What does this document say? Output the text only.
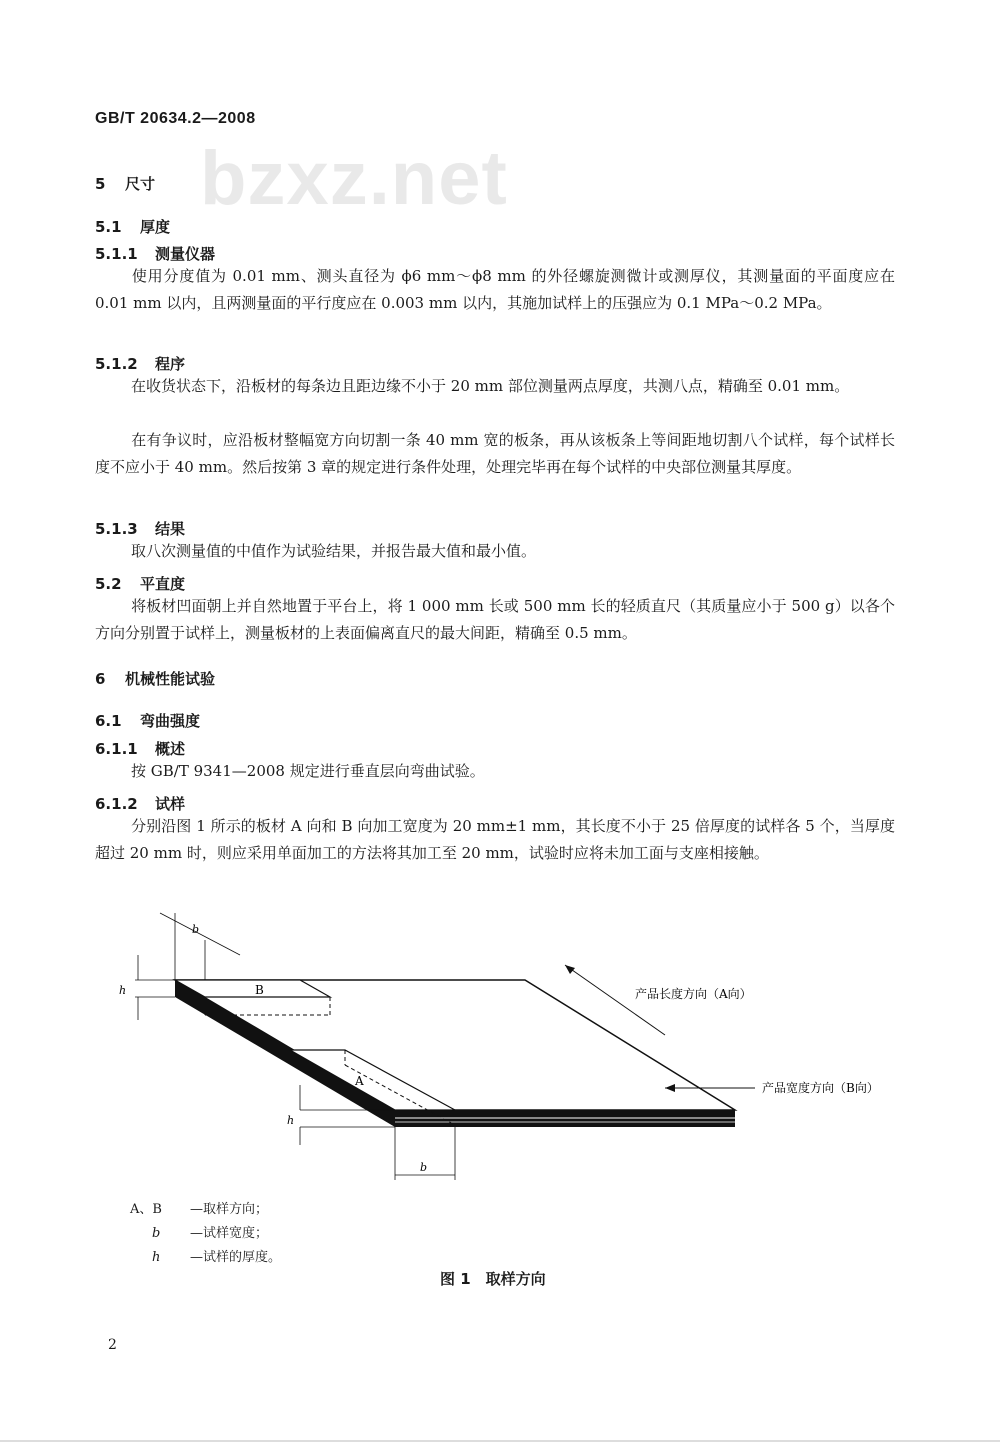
GB/T 20634.2—2008
bzxz.net
5 尺寸
5.1 厚度
5.1.1 测量仪器
使用分度值为 0.01 mm、测头直径为 ϕ6 mm～ϕ8 mm 的外径螺旋测微计或测厚仪，其测量面的平面度应在 0.01 mm 以内，且两测量面的平行度应在 0.003 mm 以内，其施加试样上的压强应为 0.1 MPa～0.2 MPa。
5.1.2 程序
在收货状态下，沿板材的每条边且距边缘不小于 20 mm 部位测量两点厚度，共测八点，精确至 0.01 mm。
在有争议时，应沿板材整幅宽方向切割一条 40 mm 宽的板条，再从该板条上等间距地切割八个试样，每个试样长度不应小于 40 mm。然后按第 3 章的规定进行条件处理，处理完毕再在每个试样的中央部位测量其厚度。
5.1.3 结果
取八次测量值的中值作为试验结果，并报告最大值和最小值。
5.2 平直度
将板材凹面朝上并自然地置于平台上，将 1 000 mm 长或 500 mm 长的轻质直尺（其质量应小于 500 g）以各个方向分别置于试样上，测量板材的上表面偏离直尺的最大间距，精确至 0.5 mm。
6 机械性能试验
6.1 弯曲强度
6.1.1 概述
按 GB/T 9341—2008 规定进行垂直层向弯曲试验。
6.1.2 试样
分别沿图 1 所示的板材 A 向和 B 向加工宽度为 20 mm±1 mm，其长度不小于 25 倍厚度的试样各 5 个，当厚度超过 20 mm 时，则应采用单面加工的方法将其加工至 20 mm，试验时应将未加工面与支座相接触。
B
A
b
h
h
b
产品长度方向（A向）
产品宽度方向（B向）
A、B —取样方向；
b —试样宽度；
h —试样的厚度。
图 1　取样方向
2
